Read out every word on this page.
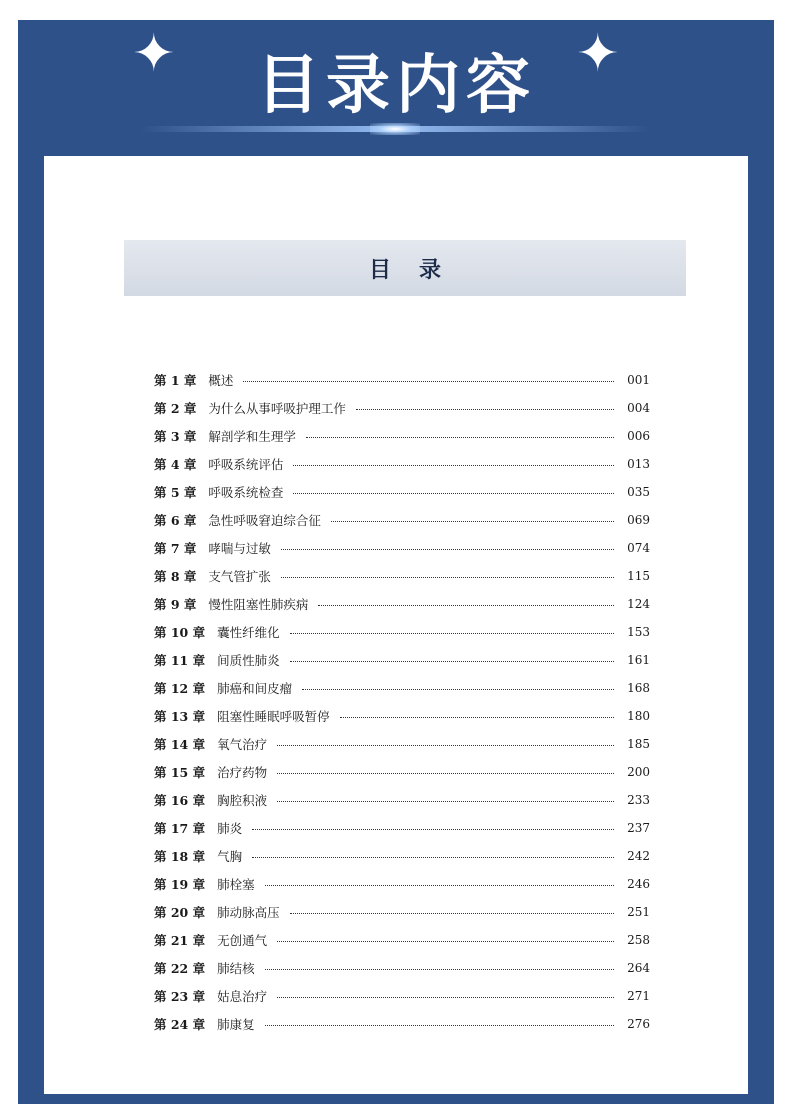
目录内容
✦	✦
目录
第 1 章 概述	001
第 2 章 为什么从事呼吸护理工作	004
第 3 章 解剖学和生理学	006
第 4 章 呼吸系统评估	013
第 5 章 呼吸系统检查	035
第 6 章 急性呼吸窘迫综合征	069
第 7 章 哮喘与过敏	074
第 8 章 支气管扩张	115
第 9 章 慢性阻塞性肺疾病	124
第 10 章 囊性纤维化	153
第 11 章 间质性肺炎	161
第 12 章 肺癌和间皮瘤	168
第 13 章 阻塞性睡眠呼吸暂停	180
第 14 章 氧气治疗	185
第 15 章 治疗药物	200
第 16 章 胸腔积液	233
第 17 章 肺炎	237
第 18 章 气胸	242
第 19 章 肺栓塞	246
第 20 章 肺动脉高压	251
第 21 章 无创通气	258
第 22 章 肺结核	264
第 23 章 姑息治疗	271
第 24 章 肺康复	276
